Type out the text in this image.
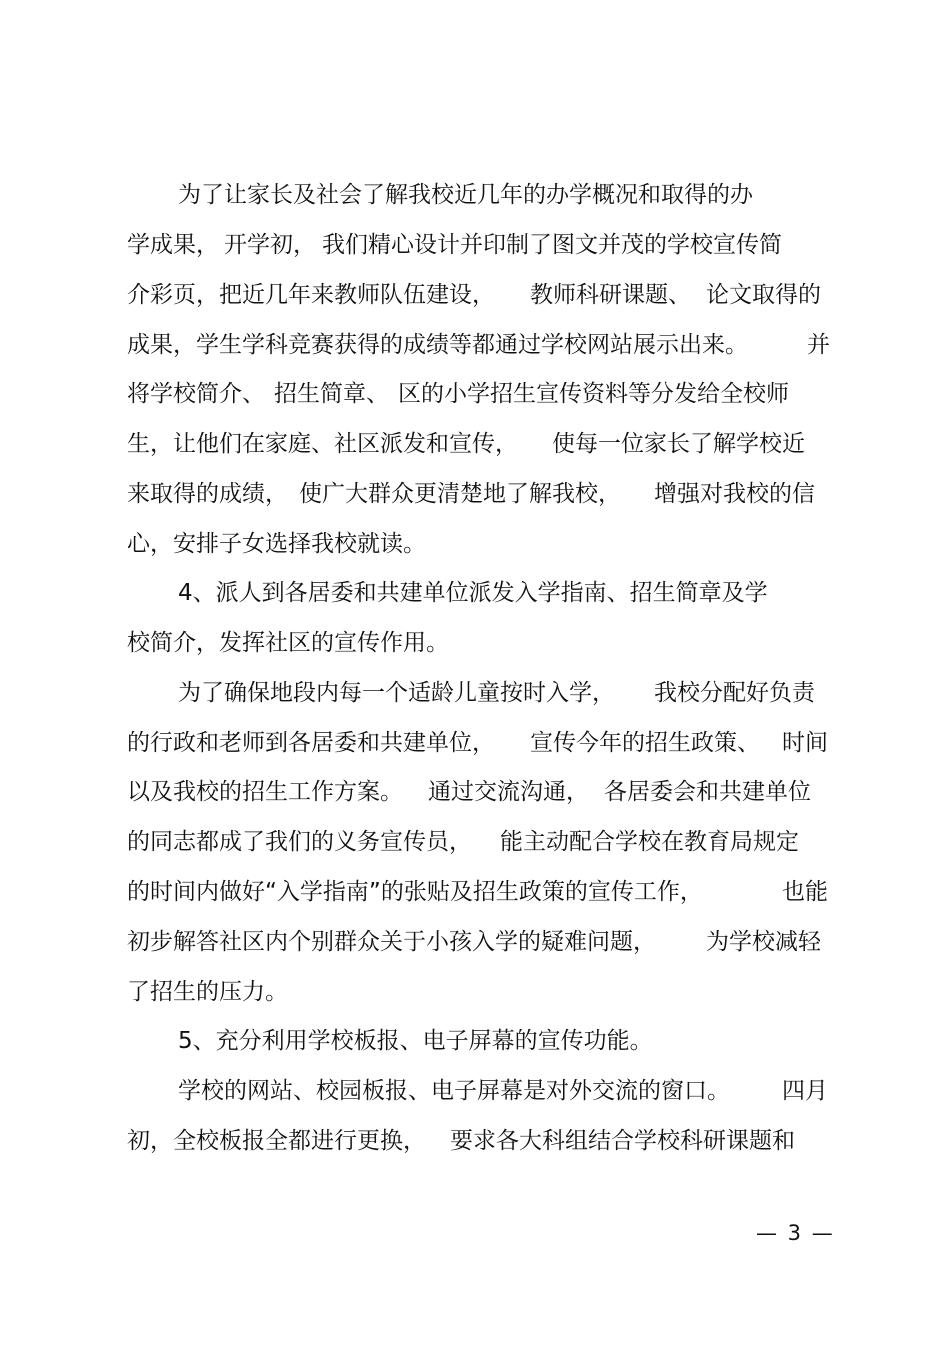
为了让家长及社会了解我校近几年的办学概况和取得的办

学成果，

开学初，

我们精心设计并印制了图文并茂的学校宣传简

介彩页，把近几年来教师队伍建设，

教师科研课题、

论文取得的

成果，学生学科竞赛获得的成绩等都通过学校网站展示出来。

	并

将学校简介、

招生简章、

区的小学招生宣传资料等分发给全校师

生，让他们在家庭、社区派发和宣传，

使每一位家长了解学校近

来取得的成绩，

使广大群众更清楚地了解我校，

增强对我校的信

心，安排子女选择我校就读。

4、派人到各居委和共建单位派发入学指南、招生简章及学

校简介，发挥社区的宣传作用。

为了确保地段内每一个适龄儿童按时入学，

我校分配好负责

的行政和老师到各居委和共建单位，

宣传今年的招生政策、

时间

以及我校的招生工作方案。

通过交流沟通，

各居委会和共建单位

的同志都成了我们的义务宣传员，

能主动配合学校在教育局规定

的时间内做好“入学指南”的张贴及招生政策的宣传工作，

	也能

初步解答社区内个别群众关于小孩入学的疑难问题，

为学校减轻

了招生的压力。

5、充分利用学校板报、电子屏幕的宣传功能。

学校的网站、校园板报、电子屏幕是对外交流的窗口。

四月

初，全校板报全都进行更换，

要求各大科组结合学校科研课题和

— 3 —
